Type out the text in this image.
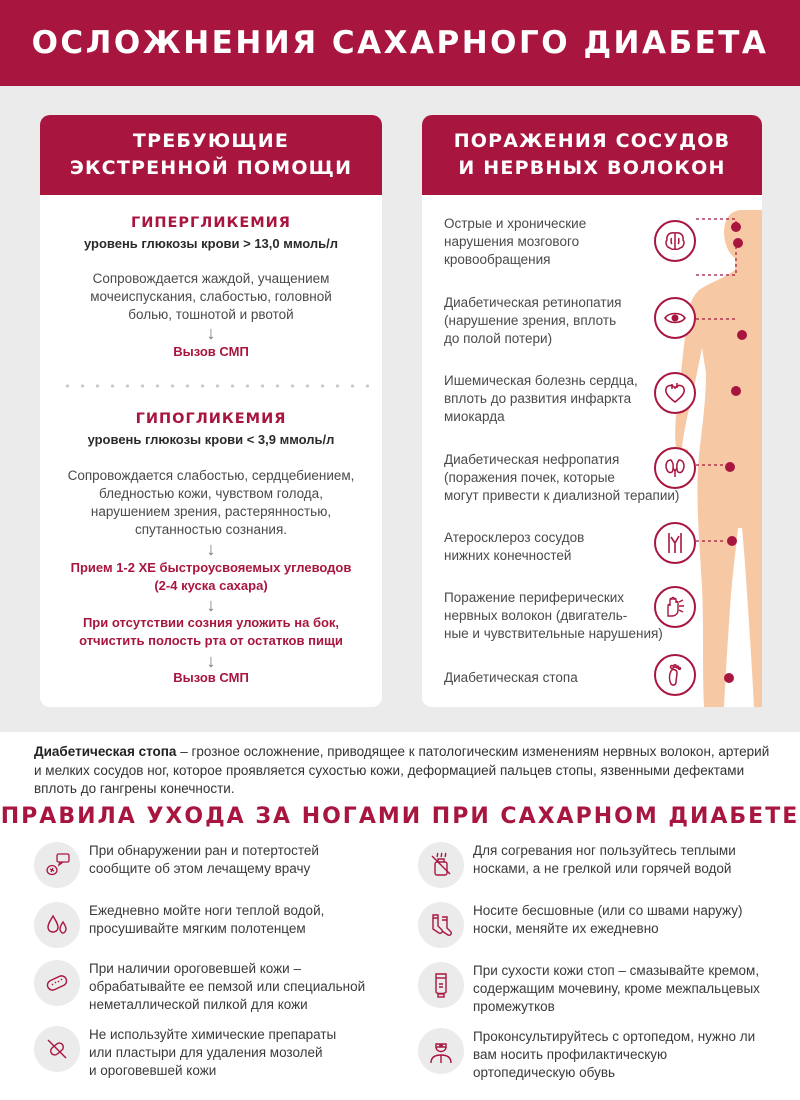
ОСЛОЖНЕНИЯ САХАРНОГО ДИАБЕТА
ТРЕБУЮЩИЕ
ЭКСТРЕННОЙ ПОМОЩИ
ГИПЕРГЛИКЕМИЯ
уровень глюкозы крови > 13,0 ммоль/л
Сопровождается жаждой, учащением
мочеиспускания, слабостью, головной
болью, тошнотой и рвотой
↓
Вызов СМП
ГИПОГЛИКЕМИЯ
уровень глюкозы крови < 3,9 ммоль/л
Сопровождается слабостью, сердцебиением,
бледностью кожи, чувством голода,
нарушением зрения, растерянностью,
спутанностью сознания.
↓
Прием 1-2 ХЕ быстроусвояемых углеводов
(2-4 куска сахара)
↓
При отсутствии созния уложить на бок,
отчистить полость рта от остатков пищи
↓
Вызов СМП
ПОРАЖЕНИЯ СОСУДОВ
И НЕРВНЫХ ВОЛОКОН
Острые и хронические
нарушения мозгового
кровообращения
Диабетическая ретинопатия
(нарушение зрения, вплоть
до полой потери)
Ишемическая болезнь сердца,
вплоть до развития инфаркта
миокарда
Диабетическая нефропатия
(поражения почек, которые
могут привести к диализной терапии)
Атеросклероз сосудов
нижних конечностей
Поражение периферических
нервных волокон (двигатель-
ные и чувствительные нарушения)
Диабетическая стопа
Диабетическая стопа – грозное осложнение, приводящее к патологическим изменениям нервных волокон, артерий и мелких сосудов ног, которое проявляется сухостью кожи, деформацией пальцев стопы, язвенными дефектами вплоть до гангрены конечности.
ПРАВИЛА УХОДА ЗА НОГАМИ ПРИ САХАРНОМ ДИАБЕТЕ
При обнаружении ран и потертостей
сообщите об этом лечащему врачу
Ежедневно мойте ноги теплой водой,
просушивайте мягким полотенцем
При наличии ороговевшей кожи –
обрабатывайте ее пемзой или специальной
неметаллической пилкой для кожи
Не используйте химические препараты
или пластыри для удаления мозолей
и ороговевшей кожи
Для согревания ног пользуйтесь теплыми
носками, а не грелкой или горячей водой
Носите бесшовные (или со швами наружу)
носки, меняйте их ежедневно
При сухости кожи стоп – смазывайте кремом,
содержащим мочевину, кроме межпальцевых
промежутков
Проконсультируйтесь с ортопедом, нужно ли
вам носить профилактическую
ортопедическую обувь
